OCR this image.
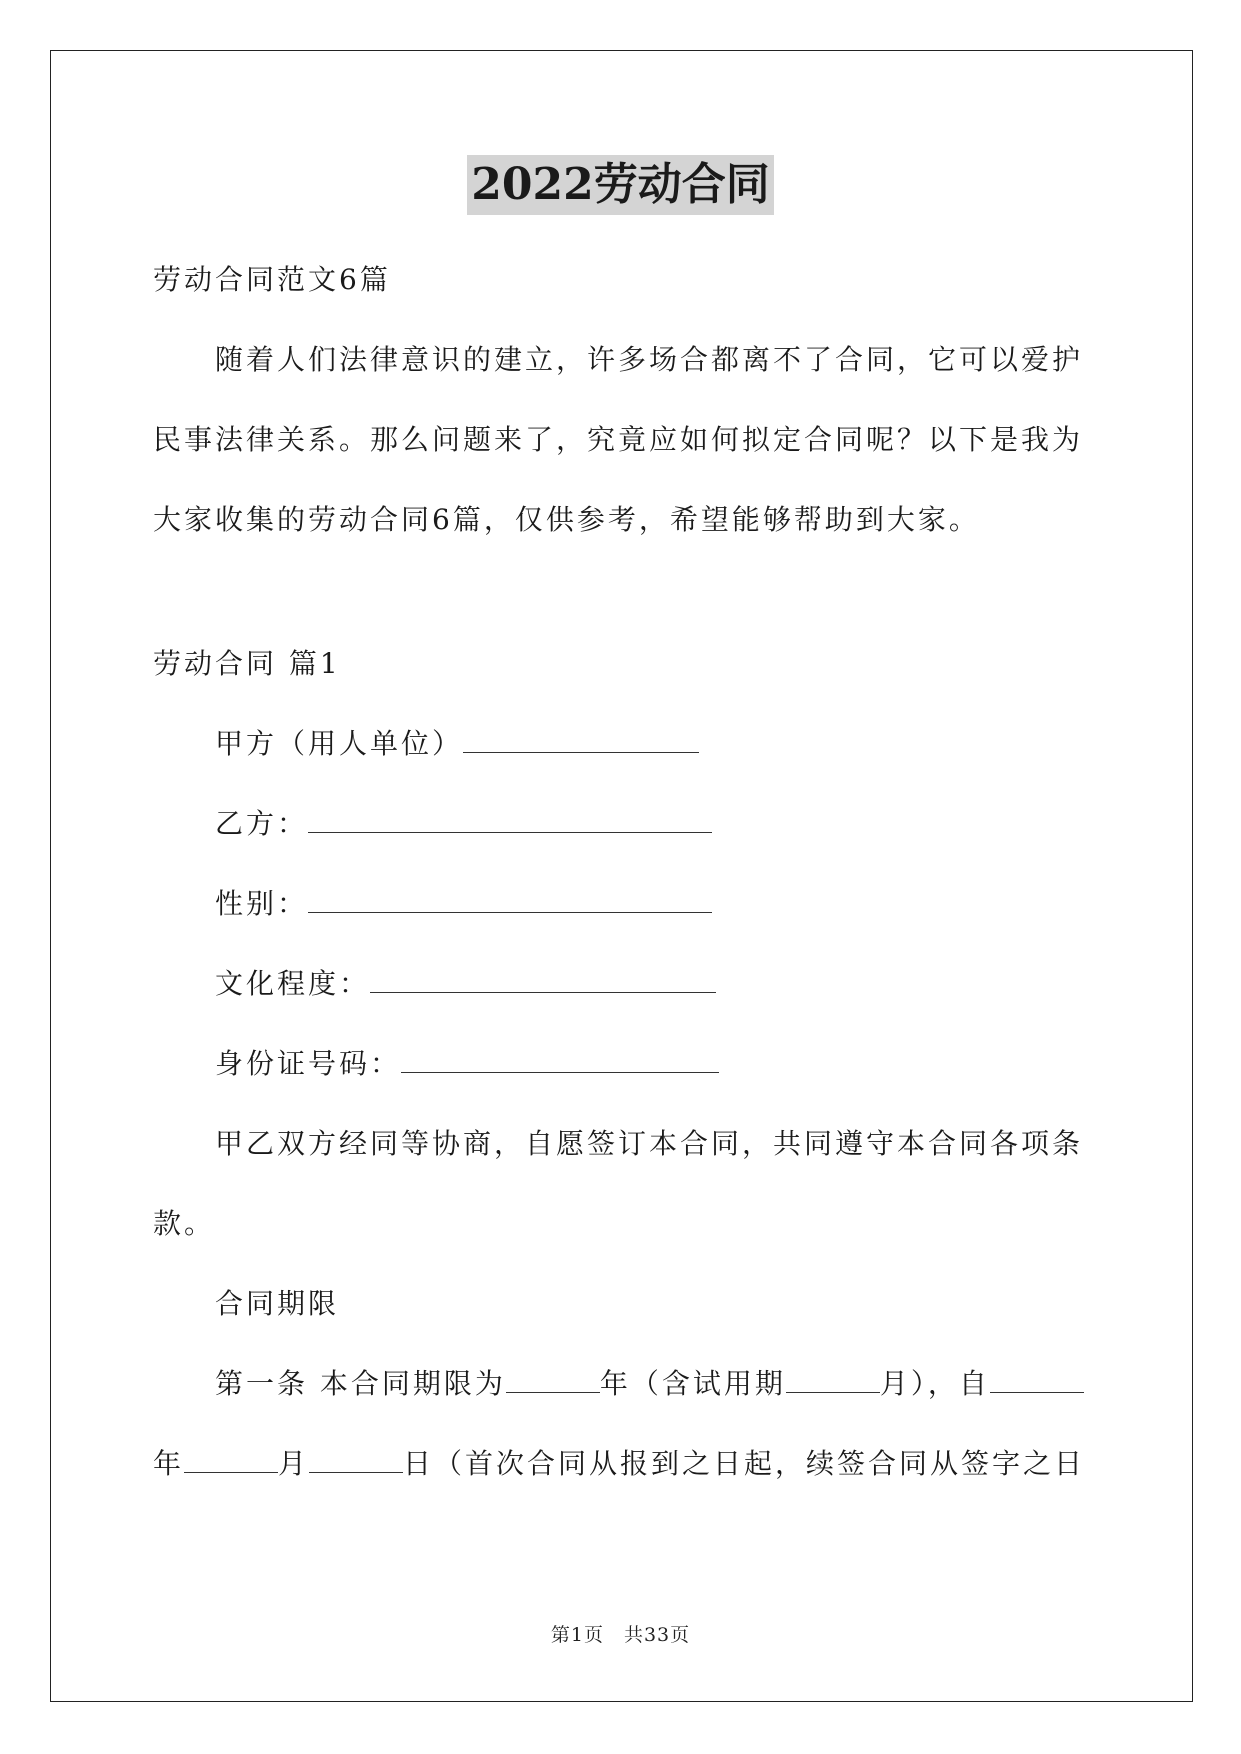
2022劳动合同

劳动合同范文6篇

随着人们法律意识的建立，许多场合都离不了合同，它可以爱护

民事法律关系。那么问题来了，究竟应如何拟定合同呢？以下是我为

大家收集的劳动合同6篇，仅供参考，希望能够帮助到大家。

劳动合同 篇1

甲方（用人单位）
乙方：
性别：
文化程度：
身份证号码：

甲乙双方经同等协商，自愿签订本合同，共同遵守本合同各项条

款。

合同期限

第一条 本合同期限为	年（含试用期	月），自
年	月	日（首次合同从报到之日起，续签合同从签字之日
第1页 共33页
